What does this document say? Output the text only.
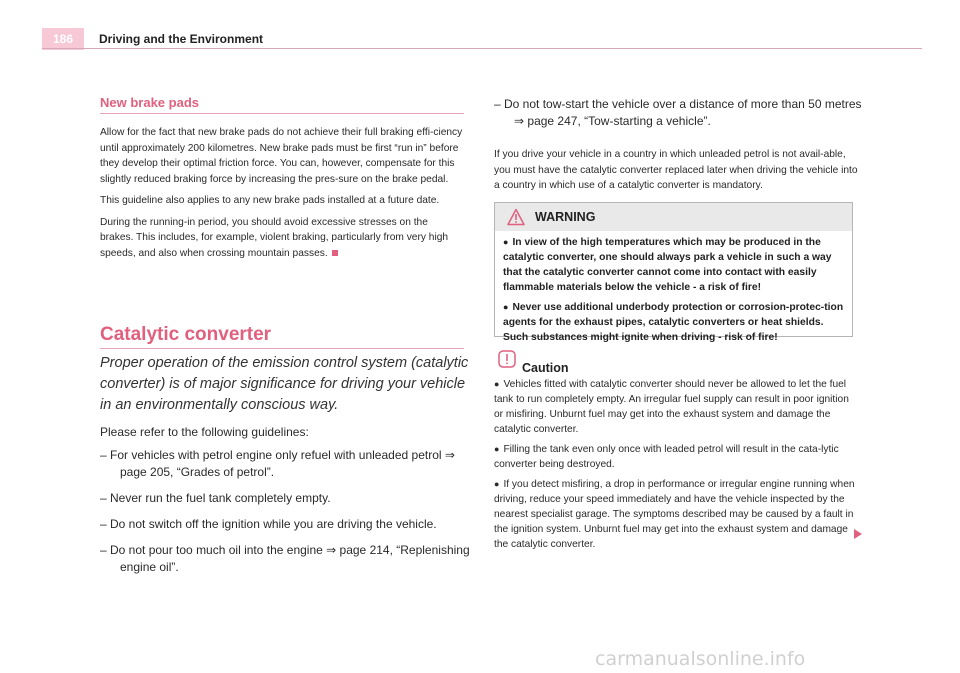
186	Driving and the Environment
New brake pads

Allow for the fact that new brake pads do not achieve their full braking effi-ciency until approximately 200 kilometres. New brake pads must be first “run in” before they develop their optimal friction force. You can, however, compensate for this slightly reduced braking force by increasing the pres-sure on the brake pedal.

This guideline also applies to any new brake pads installed at a future date.

During the running-in period, you should avoid excessive stresses on the brakes. This includes, for example, violent braking, particularly from very high speeds, and also when crossing mountain passes.

Catalytic converter
Proper operation of the emission control system (catalytic converter) is of major significance for driving your vehicle in an environmentally conscious way.
Please refer to the following guidelines:
– For vehicles with petrol engine only refuel with unleaded petrol ⇒ page 205, “Grades of petrol”.
– Never run the fuel tank completely empty.
– Do not switch off the ignition while you are driving the vehicle.
– Do not pour too much oil into the engine ⇒ page 214, “Replenishing engine oil”.
– Do not tow-start the vehicle over a distance of more than 50 metres ⇒ page 247, “Tow-starting a vehicle”.

If you drive your vehicle in a country in which unleaded petrol is not avail-able, you must have the catalytic converter replaced later when driving the vehicle into a country in which use of a catalytic converter is mandatory.

WARNING
● In view of the high temperatures which may be produced in the catalytic converter, one should always park a vehicle in such a way that the catalytic converter cannot come into contact with easily flammable materials below the vehicle - a risk of fire!
● Never use additional underbody protection or corrosion-protec-tion agents for the exhaust pipes, catalytic converters or heat shields. Such substances might ignite when driving - risk of fire!
Caution
● Vehicles fitted with catalytic converter should never be allowed to let the fuel tank to run completely empty. An irregular fuel supply can result in poor ignition or misfiring. Unburnt fuel may get into the exhaust system and damage the catalytic converter.
● Filling the tank even only once with leaded petrol will result in the cata-lytic converter being destroyed.
● If you detect misfiring, a drop in performance or irregular engine running when driving, reduce your speed immediately and have the vehicle inspected by the nearest specialist garage. The symptoms described may be caused by a fault in the ignition system. Unburnt fuel may get into the exhaust system and damage the catalytic converter.
carmanualsonline.info
